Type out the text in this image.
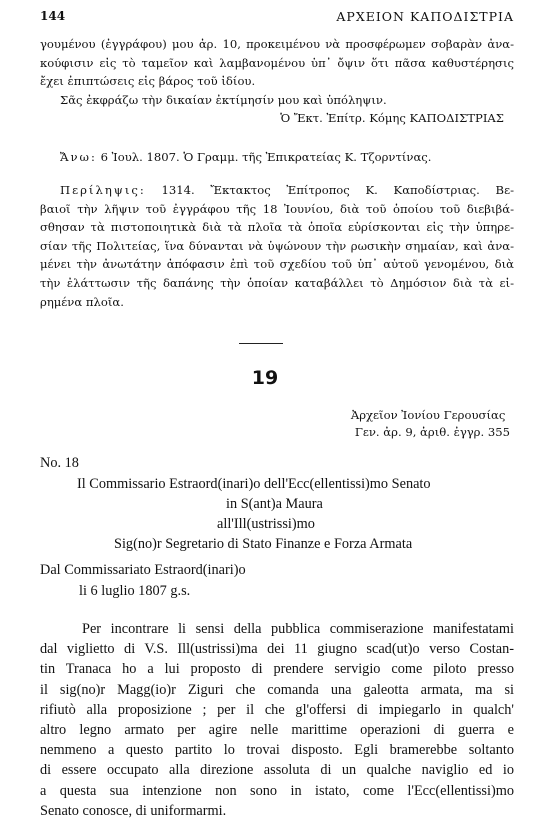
144	ΑΡΧΕΙΟΝ ΚΑΠΟΔΙΣΤΡΙΑ
γουμένου (ἐγγράφου) μου ἀρ. 10, προκειμένου νὰ προσφέρωμεν σοβαρὰν ἀνα-
κούφισιν εἰς τὸ ταμεῖον καὶ λαμβανομένου ὑπ᾽ ὄψιν ὅτι πᾶσα καθυστέρησις
ἔχει ἐπιπτώσεις εἰς βάρος τοῦ ἰδίου.
Σᾶς ἐκφράζω τὴν δικαίαν ἐκτίμησίν μου καὶ ὑπόληψιν.
Ὁ Ἔκτ. Ἐπίτρ. Κόμης ΚΑΠΟΔΙΣΤΡΙΑΣ
Ἄνω: 6 Ἰουλ. 1807. Ὁ Γραμμ. τῆς Ἐπικρατείας Κ. Τζορντίνας.
Περίληψις: 1314. Ἔκτακτος Ἐπίτροπος Κ. Καποδίστριας. Βε-
βαιοῖ τὴν λῆψιν τοῦ ἐγγράφου τῆς 18 Ἰουνίου, διὰ τοῦ ὁποίου τοῦ διεβιβά-
σθησαν τὰ πιστοποιητικὰ διὰ τὰ πλοῖα τὰ ὁποῖα εὑρίσκονται εἰς τὴν ὑπηρε-
σίαν τῆς Πολιτείας, ἵνα δύνανται νὰ ὑψώνουν τὴν ρωσικὴν σημαίαν, καὶ ἀνα-
μένει τὴν ἀνωτάτην ἀπόφασιν ἐπὶ τοῦ σχεδίου τοῦ ὑπ᾽ αὐτοῦ γενομένου, διὰ
τὴν ἐλάττωσιν τῆς δαπάνης τὴν ὁποίαν καταβάλλει τὸ Δημόσιον διὰ τὰ εἰ-
ρημένα πλοῖα.
19
Ἀρχεῖον Ἰονίου Γερουσίας
Γεν. ἀρ. 9, ἀριθ. ἐγγρ. 355
No. 18
Il Commissario Estraord(inari)o dell'Ecc(ellentissi)mo Senato
in S(ant)a Maura
all'Ill(ustrissi)mo
Sig(no)r Segretario di Stato Finanze e Forza Armata
Dal Commissariato Estraord(inari)o
li 6 luglio 1807 g.s.
Per incontrare li sensi della pubblica commiserazione manifestatami
dal viglietto di V.S. Ill(ustrissi)ma dei 11 giugno scad(ut)o verso Costan-
tin Tranaca ho a lui proposto di prendere servigio come piloto presso
il sig(no)r Magg(io)r Ziguri che comanda una galeotta armata, ma si
rifiutò alla proposizione ; per il che gl'offersi di impiegarlo in qualch'
altro legno armato per agire nelle marittime operazioni di guerra e
nemmeno a questo partito lo trovai disposto. Egli bramerebbe soltanto
di essere occupato alla direzione assoluta di un qualche naviglio ed io
a questa sua intenzione non sono in istato, come l'Ecc(ellentissi)mo
Senato conosce, di uniformarmi.
